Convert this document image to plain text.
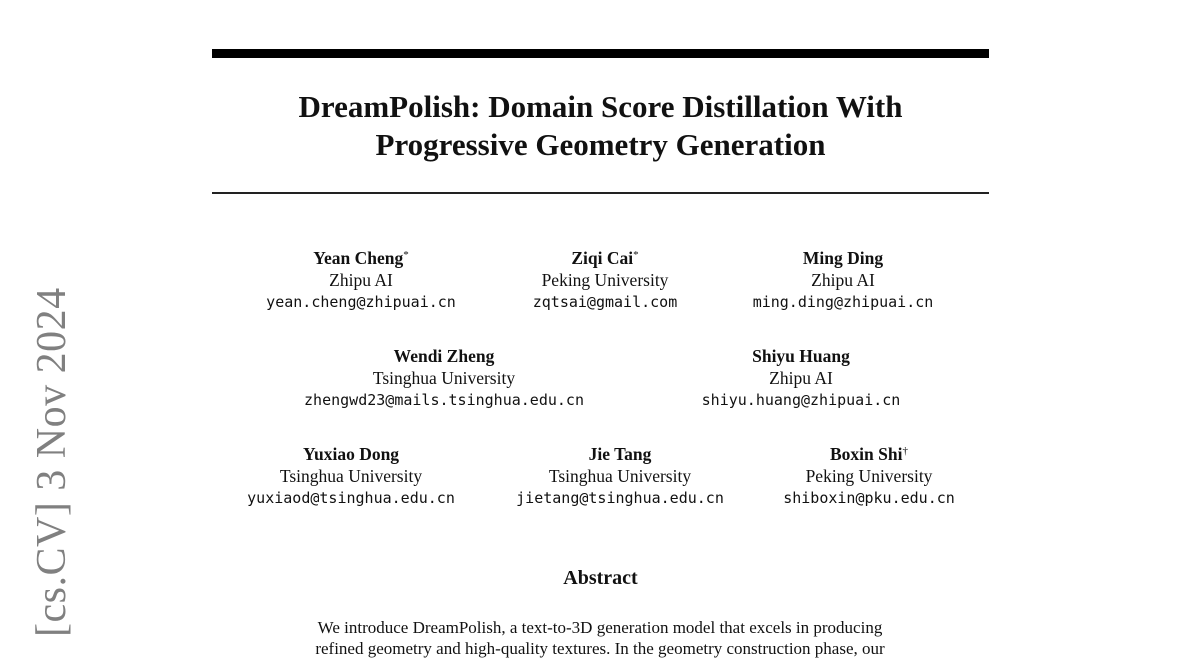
[cs.CV] 3 Nov 2024
DreamPolish: Domain Score Distillation With
Progressive Geometry Generation
Yean Cheng*
Zhipu AI
yean.cheng@zhipuai.cn
Ziqi Cai*
Peking University
zqtsai@gmail.com
Ming Ding
Zhipu AI
ming.ding@zhipuai.cn
Wendi Zheng
Tsinghua University
zhengwd23@mails.tsinghua.edu.cn
Shiyu Huang
Zhipu AI
shiyu.huang@zhipuai.cn
Yuxiao Dong
Tsinghua University
yuxiaod@tsinghua.edu.cn
Jie Tang
Tsinghua University
jietang@tsinghua.edu.cn
Boxin Shi†
Peking University
shiboxin@pku.edu.cn
Abstract

We introduce DreamPolish, a text-to-3D generation model that excels in producing
refined geometry and high-quality textures. In the geometry construction phase, our
